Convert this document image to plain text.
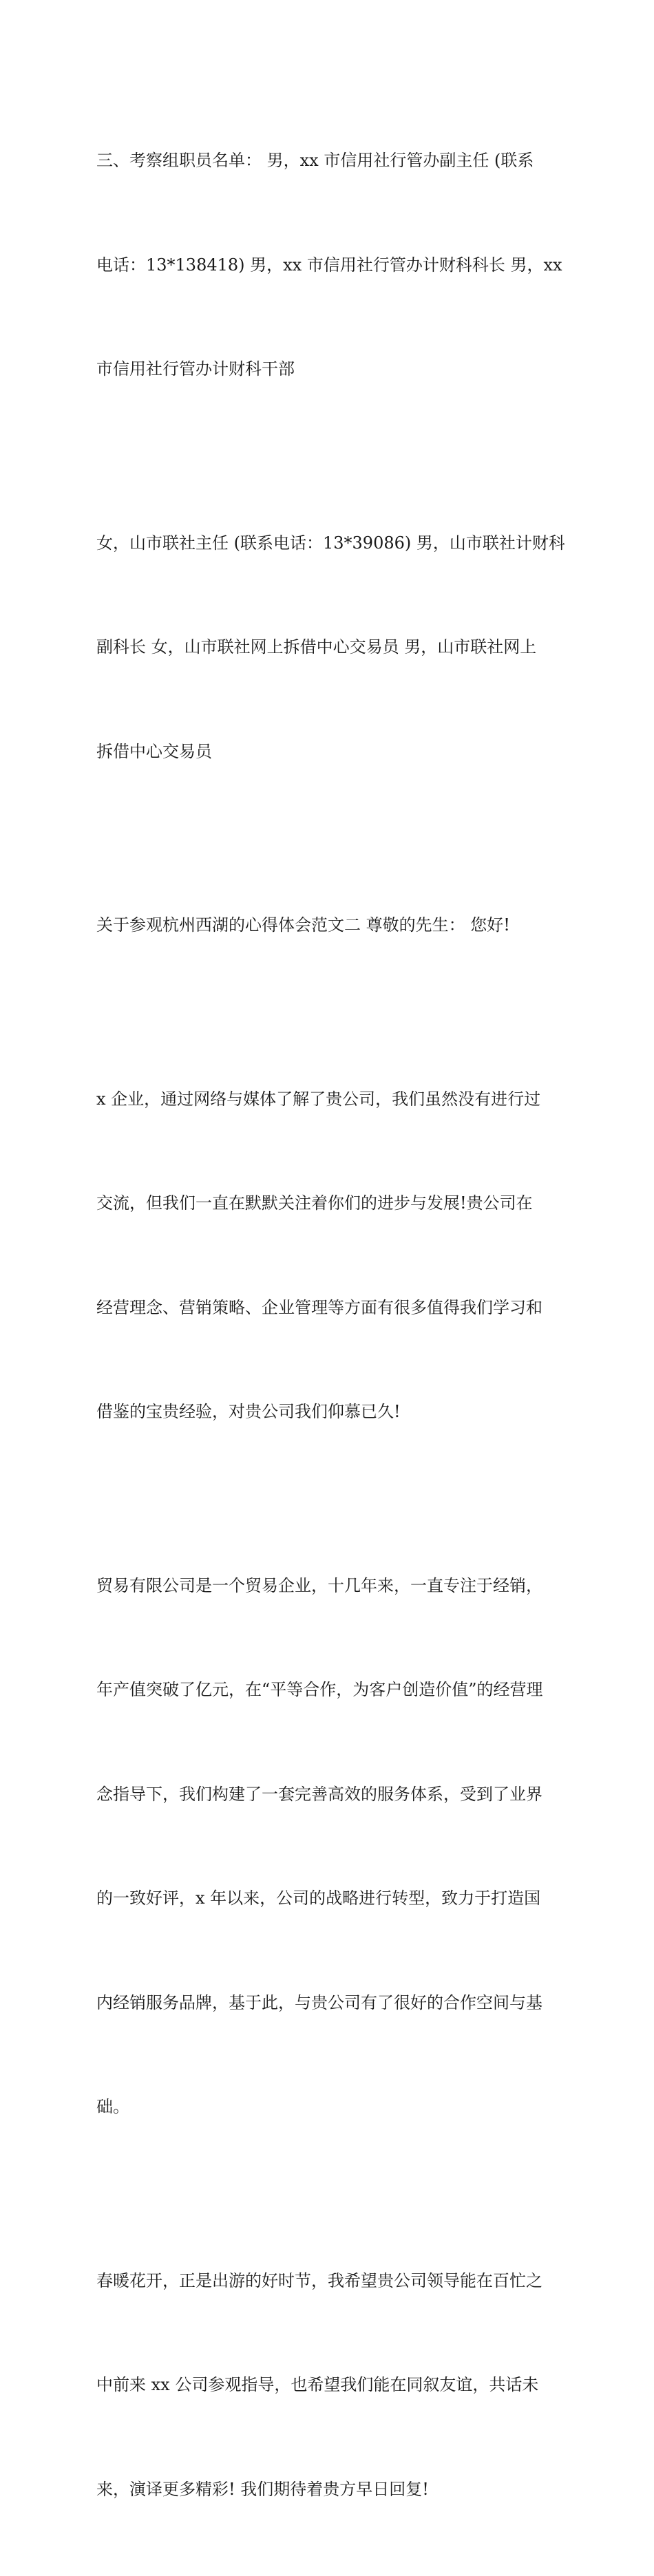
三、考察组职员名单： 男，xx 市信用社行管办副主任 (联系

电话：13*138418) 男，xx 市信用社行管办计财科科长 男，xx

市信用社行管办计财科干部

女，山市联社主任 (联系电话：13*39086) 男，山市联社计财科

副科长 女，山市联社网上拆借中心交易员 男，山市联社网上

拆借中心交易员

关于参观杭州西湖的心得体会范文二 尊敬的先生： 您好!

x 企业，通过网络与媒体了解了贵公司，我们虽然没有进行过

交流，但我们一直在默默关注着你们的进步与发展!贵公司在

经营理念、营销策略、企业管理等方面有很多值得我们学习和

借鉴的宝贵经验，对贵公司我们仰慕已久!

贸易有限公司是一个贸易企业，十几年来，一直专注于经销，

年产值突破了亿元，在“平等合作，为客户创造价值”的经营理

念指导下，我们构建了一套完善高效的服务体系，受到了业界

的一致好评，x 年以来，公司的战略进行转型，致力于打造国

内经销服务品牌，基于此，与贵公司有了很好的合作空间与基

础。

春暖花开，正是出游的好时节，我希望贵公司领导能在百忙之

中前来 xx 公司参观指导，也希望我们能在同叙友谊，共话未

来，演译更多精彩! 我们期待着贵方早日回复!
